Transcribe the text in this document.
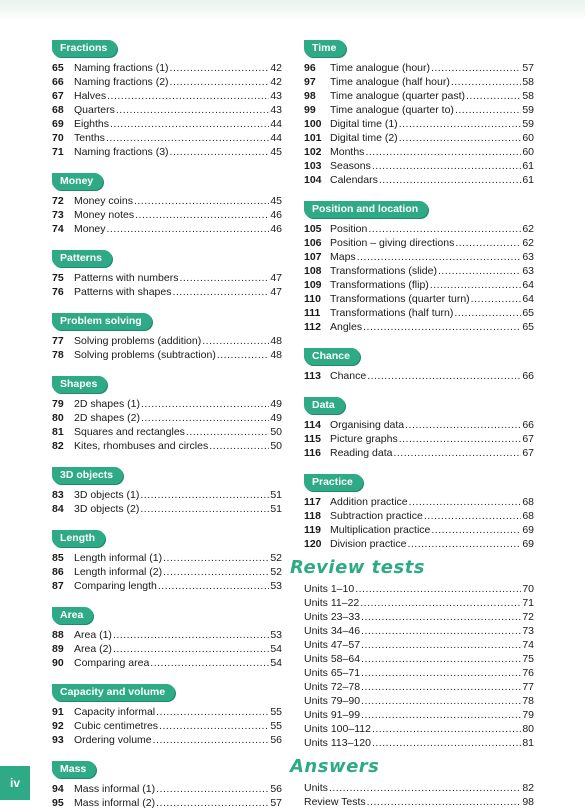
Fractions
65 Naming fractions (1) .....	42
66 Naming fractions (2) .....	42
67 Halves .....	43
68 Quarters .....	43
69 Eighths .....	44
70 Tenths .....	44
71 Naming fractions (3) .....	45
Money
72 Money coins .....	45
73 Money notes .....	46
74 Money .....	46
Patterns
75 Patterns with numbers .....	47
76 Patterns with shapes .....	47
Problem solving
77 Solving problems (addition) .....	48
78 Solving problems (subtraction) .....	48
Shapes
79 2D shapes (1) .....	49
80 2D shapes (2) .....	49
81 Squares and rectangles .....	50
82 Kites, rhombuses and circles .....	50
3D objects
83 3D objects (1) .....	51
84 3D objects (2) .....	51
Length
85 Length informal (1) .....	52
86 Length informal (2) .....	52
87 Comparing length .....	53
Area
88 Area (1) .....	53
89 Area (2) .....	54
90 Comparing area .....	54
Capacity and volume
91 Capacity informal .....	55
92 Cubic centimetres .....	55
93 Ordering volume .....	56
Mass
94 Mass informal (1) .....	56
95 Mass informal (2) .....	57
Time
96	Time analogue (hour) .....	57
97	Time analogue (half hour) .....	58
98	Time analogue (quarter past) .....	58
99	Time analogue (quarter to) .....	59
100 Digital time (1) .....	59
101 Digital time (2) .....	60
102 Months .....	60
103 Seasons .....	61
104 Calendars .....	61
Position and location
105 Position .....	62
106 Position – giving directions .....	62
107 Maps .....	63
108 Transformations (slide) .....	63
109 Transformations (flip) .....	64
110 Transformations (quarter turn) .....	64
111 Transformations (half turn) .....	65
112 Angles .....	65
Chance
113 Chance .....	66
Data
114 Organising data .....	66
115 Picture graphs .....	67
116 Reading data .....	67
Practice
117 Addition practice .....	68
118 Subtraction practice .....	68
119 Multiplication practice .....	69
120 Division practice .....	69
Review tests
Units 1–10 .....	70
Units 11–22 .....	71
Units 23–33 .....	72
Units 34–46 .....	73
Units 47–57 .....	74
Units 58–64 .....	75
Units 65–71 .....	76
Units 72–78 .....	77
Units 79–90 .....	78
Units 91–99 .....	79
Units 100–112 .....	80
Units 113–120 .....	81
Answers
Units .....	82
Review Tests .....	98
iv
